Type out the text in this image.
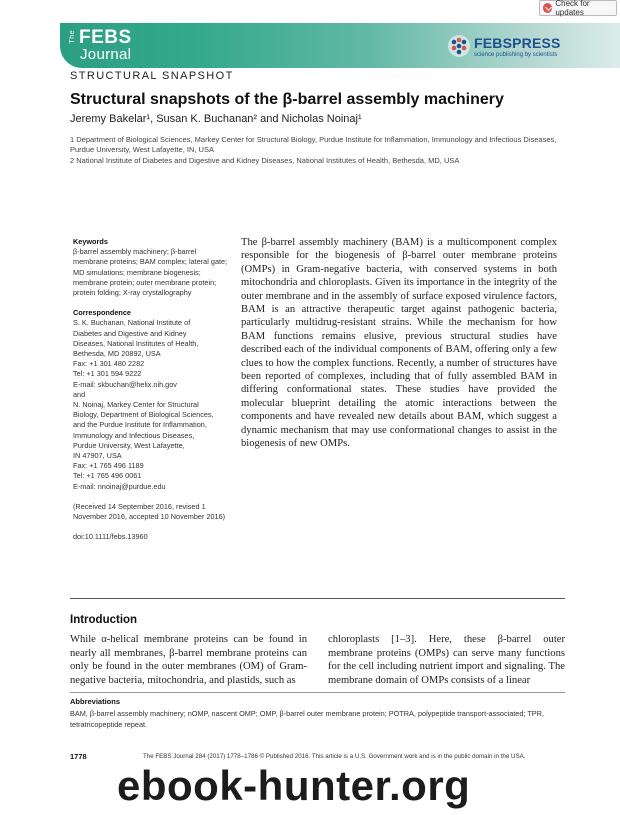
Check for updates
The FEBS
Journal
FEBSPRESS
science publishing by scientists
STRUCTURAL SNAPSHOT
Structural snapshots of the β-barrel assembly machinery
Jeremy Bakelar¹, Susan K. Buchanan² and Nicholas Noinaj¹
1 Department of Biological Sciences, Markey Center for Structural Biology, Purdue Institute for Inflammation, Immunology and Infectious Diseases, Purdue University, West Lafayette, IN, USA
2 National Institute of Diabetes and Digestive and Kidney Diseases, National Institutes of Health, Bethesda, MD, USA

Keywords

β-barrel assembly machinery; β-barrel membrane proteins; BAM complex; lateral gate; MD simulations; membrane biogenesis; membrane protein; outer membrane protein; protein folding; X-ray crystallography

Correspondence

S. K. Buchanan, National Institute of

Diabetes and Digestive and Kidney

Diseases, National Institutes of Health,

Bethesda, MD 20892, USA

Fax: +1 301 480 2282

Tel: +1 301 594 9222

E-mail: skbuchan@helix.nih.gov

and

N. Noinaj, Markey Center for Structural

Biology, Department of Biological Sciences,

and the Purdue Institute for Inflammation,

Immunology and Infectious Diseases,

Purdue University, West Lafayette,

IN 47907, USA

Fax: +1 765 496 1189

Tel: +1 765 496 0061

E-mail: nnoinaj@purdue.edu

(Received 14 September 2016, revised 1 November 2016, accepted 10 November 2016)

doi:10.1111/febs.13960

The β-barrel assembly machinery (BAM) is a multicomponent complex responsible for the biogenesis of β-barrel outer membrane proteins (OMPs) in Gram-negative bacteria, with conserved systems in both mitochondria and chloroplasts. Given its importance in the integrity of the outer membrane and in the assembly of surface exposed virulence factors, BAM is an attractive therapeutic target against pathogenic bacteria, particularly multidrug-resistant strains. While the mechanism for how BAM functions remains elusive, previous structural studies have described each of the individual components of BAM, offering only a few clues to how the complex functions. Recently, a number of structures have been reported of complexes, including that of fully assembled BAM in differing conformational states. These studies have provided the molecular blueprint detailing the atomic interactions between the components and have revealed new details about BAM, which suggest a dynamic mechanism that may use conformational changes to assist in the biogenesis of new OMPs.
Introduction
While α-helical membrane proteins can be found in nearly all membranes, β-barrel membrane proteins can only be found in the outer membranes (OM) of Gram-negative bacteria, mitochondria, and plastids, such as
chloroplasts [1–3]. Here, these β-barrel outer membrane proteins (OMPs) can serve many functions for the cell including nutrient import and signaling. The membrane domain of OMPs consists of a linear
Abbreviations
BAM, β-barrel assembly machinery; nOMP, nascent OMP; OMP, β-barrel outer membrane protein; POTRA, polypeptide transport-associated; TPR, tetratricopeptide repeat.
1778	The FEBS Journal 284 (2017) 1778–1786 © Published 2016. This article is a U.S. Government work and is in the public domain in the USA.
ebook-hunter.org
